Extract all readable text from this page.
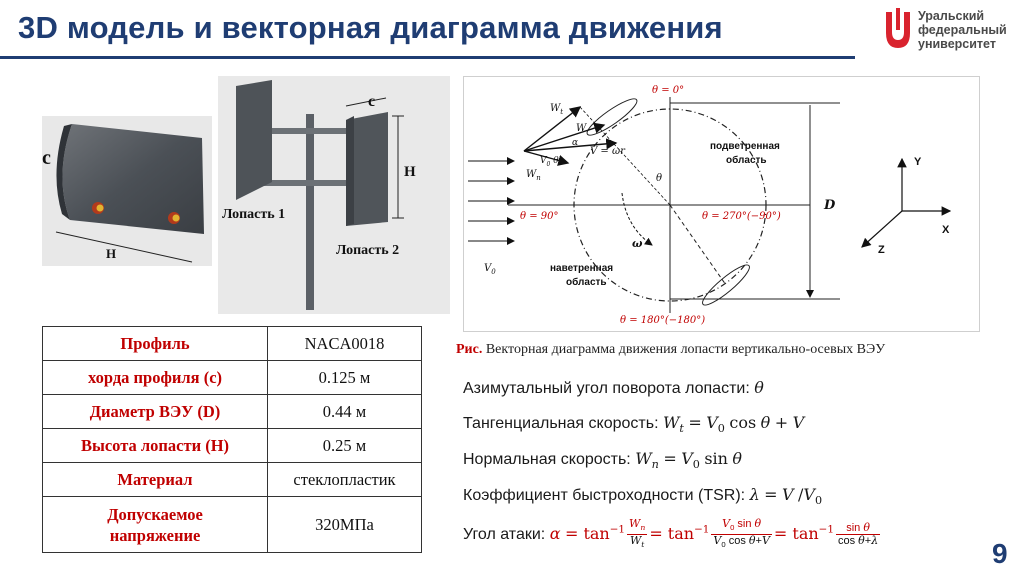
3D модель и векторная диаграмма движения	Уральский
федеральный
университет
c
H
c
H
Лопасть 1
Лопасть 2
Профиль	NACA0018
хорда профиля (c)	0.125 м
Диаметр ВЭУ (D)	0.44 м
Высота лопасти (H)	0.25 м
Материал	стеклопластик

Допускаемое
напряжение	320МПа
D
$V_0$
$W_t$
W
α
V = ωr
$V_0$ θ
$W_n$	θ
ω
θ = 0°
θ = 90°	θ = 270°(−90°)
θ = 180°(−180°)
подветренная
область
наветренная
область
Y
X
Z
Рис. Векторная диаграмма движения лопасти вертикально-осевых ВЭУ
Азимутальный угол поворота лопасти: θ
Тангенциальная скорость: $W_t = V_0$ cos θ + V
Нормальная скорость: $W_n = V_0$ sin θ
Коэффициент быстроходности (TSR): λ = V $/V_0$
Угол атаки: $\alpha = \tan^{-1} \frac{W_n}{W_t} = \tan^{-1} \frac{V_0 \sin \theta}{V_0 \cos \theta+V} = \tan^{-1} \frac{\text{sin θ}}{\text{cos θ+λ}}$
9
